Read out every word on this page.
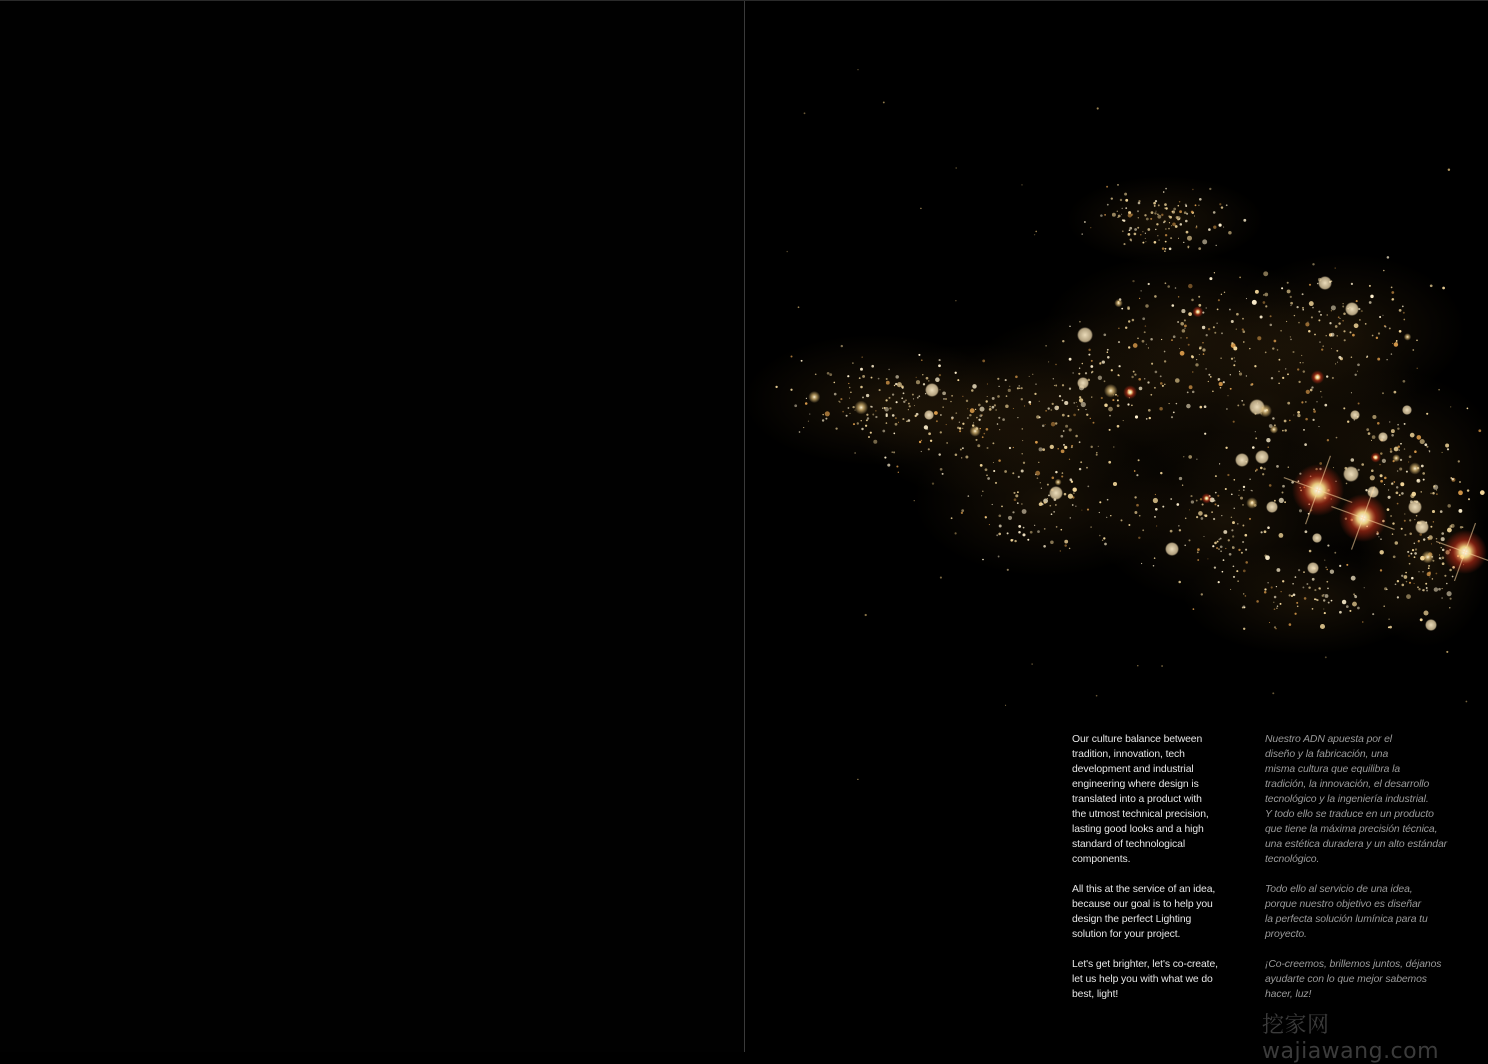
Our culture balance between
tradition, innovation, tech
development and industrial
engineering where design is
translated into a product with
the utmost technical precision,
lasting good looks and a high
standard of technological
components.

All this at the service of an idea,
because our goal is to help you
design the perfect Lighting
solution for your project.

Let's get brighter, let's co-create,
let us help you with what we do
best, light!

Nuestro ADN apuesta por el
diseño y la fabricación, una
misma cultura que equilibra la
tradición, la innovación, el desarrollo
tecnológico y la ingeniería industrial.
Y todo ello se traduce en un producto
que tiene la máxima precisión técnica,
una estética duradera y un alto estándar
tecnológico.

Todo ello al servicio de una idea,
porque nuestro objetivo es diseñar
la perfecta solución lumínica para tu
proyecto.

¡Co-creemos, brillemos juntos, déjanos
ayudarte con lo que mejor sabemos
hacer, luz!

挖家网 wajiawang.com
